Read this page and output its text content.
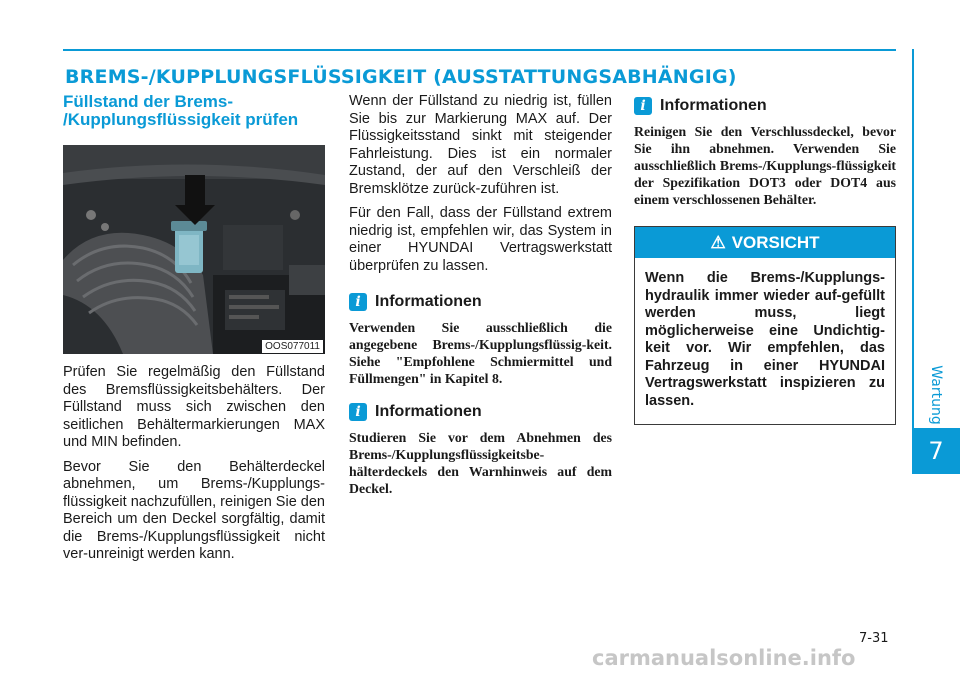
BREMS-/KUPPLUNGSFLÜSSIGKEIT (AUSSTATTUNGSABHÄNGIG)
Wartung
7
Füllstand der Brems-
/Kupplungsflüssigkeit prüfen
OOS077011

Prüfen Sie regelmäßig den Füllstand des Bremsflüssigkeitsbehälters. Der Füllstand muss sich zwischen den seitlichen Behältermarkierungen MAX und MIN befinden.

Bevor Sie den Behälterdeckel abnehmen, um Brems-/Kupplungs-flüssigkeit nachzufüllen, reinigen Sie den Bereich um den Deckel sorgfältig, damit die Brems-/Kupplungsflüssigkeit nicht ver-unreinigt werden kann.

Wenn der Füllstand zu niedrig ist, füllen Sie bis zur Markierung MAX auf. Der Flüssigkeitsstand sinkt mit steigender Fahrleistung. Dies ist ein normaler Zustand, der auf den Verschleiß der Bremsklötze zurück-zuführen ist.

Für den Fall, dass der Füllstand extrem niedrig ist, empfehlen wir, das System in einer HYUNDAI Vertragswerkstatt überprüfen zu lassen.

i Informationen

Verwenden Sie ausschließlich die angegebene Brems-/Kupplungsflüssig-keit. Siehe "Empfohlene Schmiermittel und Füllmengen" in Kapitel 8.

i Informationen

Studieren Sie vor dem Abnehmen des Brems-/Kupplungsflüssigkeitsbe-hälterdeckels den Warnhinweis auf dem Deckel.

i Informationen

Reinigen Sie den Verschlussdeckel, bevor Sie ihn abnehmen. Verwenden Sie ausschließlich Brems-/Kupplungs-flüssigkeit der Spezifikation DOT3 oder DOT4 aus einem verschlossenen Behälter.

⚠ VORSICHT

Wenn die Brems-/Kupplungs-hydraulik immer wieder auf-gefüllt werden muss, liegt möglicherweise eine Undichtig-keit vor. Wir empfehlen, das Fahrzeug in einer HYUNDAI Vertragswerkstatt inspizieren zu lassen.

7-31
carmanualsonline.info
